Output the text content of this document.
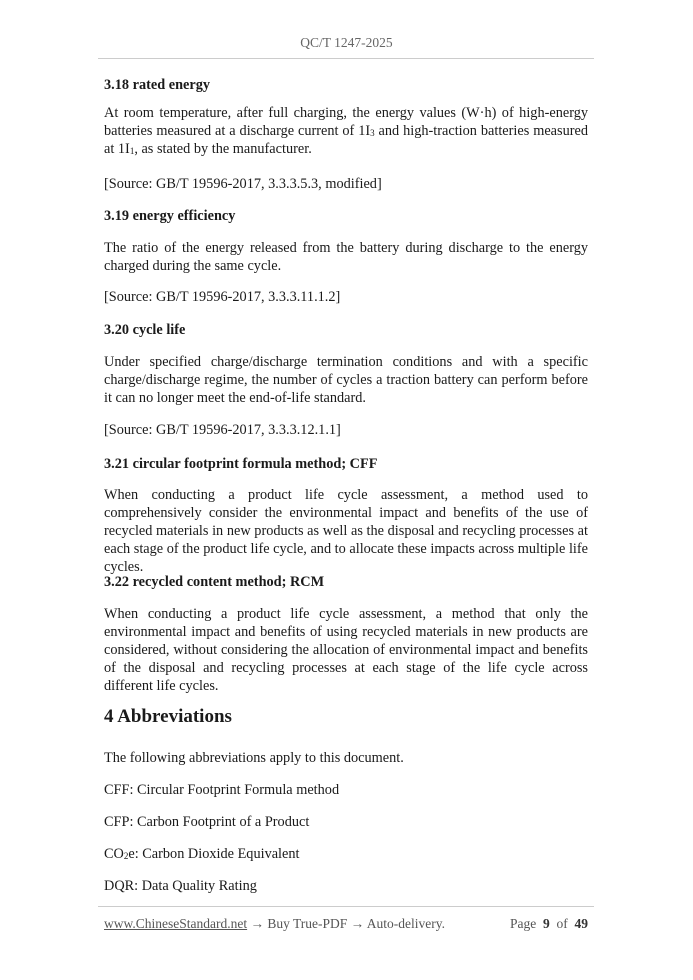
QC/T 1247-2025
3.18 rated energy
At room temperature, after full charging, the energy values (W·h) of high-energy batteries measured at a discharge current of $1I_3$ and high-traction batteries measured at $1I_1$, as stated by the manufacturer.
[Source: GB/T 19596-2017, 3.3.3.5.3, modified]
3.19 energy efficiency
The ratio of the energy released from the battery during discharge to the energy charged during the same cycle.
[Source: GB/T 19596-2017, 3.3.3.11.1.2]
3.20 cycle life
Under specified charge/discharge termination conditions and with a specific charge/discharge regime, the number of cycles a traction battery can perform before it can no longer meet the end-of-life standard.
[Source: GB/T 19596-2017, 3.3.3.12.1.1]
3.21 circular footprint formula method; CFF
When conducting a product life cycle assessment, a method used to comprehensively consider the environmental impact and benefits of the use of recycled materials in new products as well as the disposal and recycling processes at each stage of the product life cycle, and to allocate these impacts across multiple life cycles.
3.22 recycled content method; RCM
When conducting a product life cycle assessment, a method that only the environmental impact and benefits of using recycled materials in new products are considered, without considering the allocation of environmental impact and benefits of the disposal and recycling processes at each stage of the life cycle across different life cycles.
4 Abbreviations
The following abbreviations apply to this document.
CFF: Circular Footprint Formula method
CFP: Carbon Footprint of a Product
$CO_2e$: Carbon Dioxide Equivalent
DQR: Data Quality Rating
www.ChineseStandard.net → Buy True-PDF → Auto-delivery.	Page 9 of 49
